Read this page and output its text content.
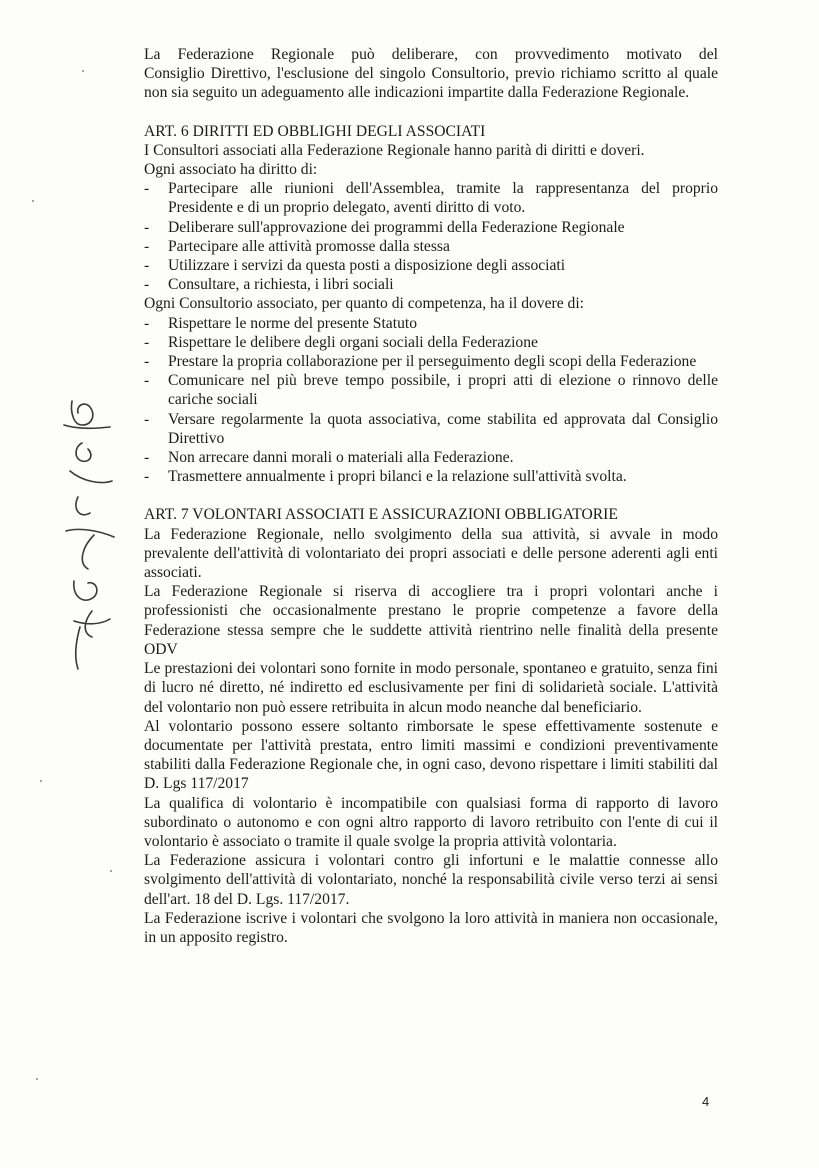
La Federazione Regionale può deliberare, con provvedimento motivato del

Consiglio Direttivo, l'esclusione del singolo Consultorio, previo richiamo scritto al quale non sia seguito un adeguamento alle indicazioni impartite dalla Federazione Regionale.

ART. 6 DIRITTI ED OBBLIGHI DEGLI ASSOCIATI

I Consultori associati alla Federazione Regionale hanno parità di diritti e doveri.

Ogni associato ha diritto di:

- Partecipare alle riunioni dell'Assemblea, tramite la rappresentanza del proprio Presidente e di un proprio delegato, aventi diritto di voto.
- Deliberare sull'approvazione dei programmi della Federazione Regionale
- Partecipare alle attività promosse dalla stessa
- Utilizzare i servizi da questa posti a disposizione degli associati
- Consultare, a richiesta, i libri sociali

Ogni Consultorio associato, per quanto di competenza, ha il dovere di:

- Rispettare le norme del presente Statuto
- Rispettare le delibere degli organi sociali della Federazione
- Prestare la propria collaborazione per il perseguimento degli scopi della Federazione
- Comunicare nel più breve tempo possibile, i propri atti di elezione o rinnovo delle cariche sociali
- Versare regolarmente la quota associativa, come stabilita ed approvata dal Consiglio Direttivo
- Non arrecare danni morali o materiali alla Federazione.
- Trasmettere annualmente i propri bilanci e la relazione sull'attività svolta.
ART. 7 VOLONTARI ASSOCIATI E ASSICURAZIONI OBBLIGATORIE

La Federazione Regionale, nello svolgimento della sua attività, si avvale in modo prevalente dell'attività di volontariato dei propri associati e delle persone aderenti agli enti associati.

La Federazione Regionale si riserva di accogliere tra i propri volontari anche i professionisti che occasionalmente prestano le proprie competenze a favore della Federazione stessa sempre che le suddette attività rientrino nelle finalità della presente ODV

Le prestazioni dei volontari sono fornite in modo personale, spontaneo e gratuito, senza fini di lucro né diretto, né indiretto ed esclusivamente per fini di solidarietà sociale. L'attività del volontario non può essere retribuita in alcun modo neanche dal beneficiario.

Al volontario possono essere soltanto rimborsate le spese effettivamente sostenute e documentate per l'attività prestata, entro limiti massimi e condizioni preventivamente stabiliti dalla Federazione Regionale che, in ogni caso, devono rispettare i limiti stabiliti dal D. Lgs 117/2017

La qualifica di volontario è incompatibile con qualsiasi forma di rapporto di lavoro subordinato o autonomo e con ogni altro rapporto di lavoro retribuito con l'ente di cui il volontario è associato o tramite il quale svolge la propria attività volontaria.

La Federazione assicura i volontari contro gli infortuni e le malattie connesse allo svolgimento dell'attività di volontariato, nonché la responsabilità civile verso terzi ai sensi dell'art. 18 del D. Lgs. 117/2017.

La Federazione iscrive i volontari che svolgono la loro attività in maniera non occasionale, in un apposito registro.

4
